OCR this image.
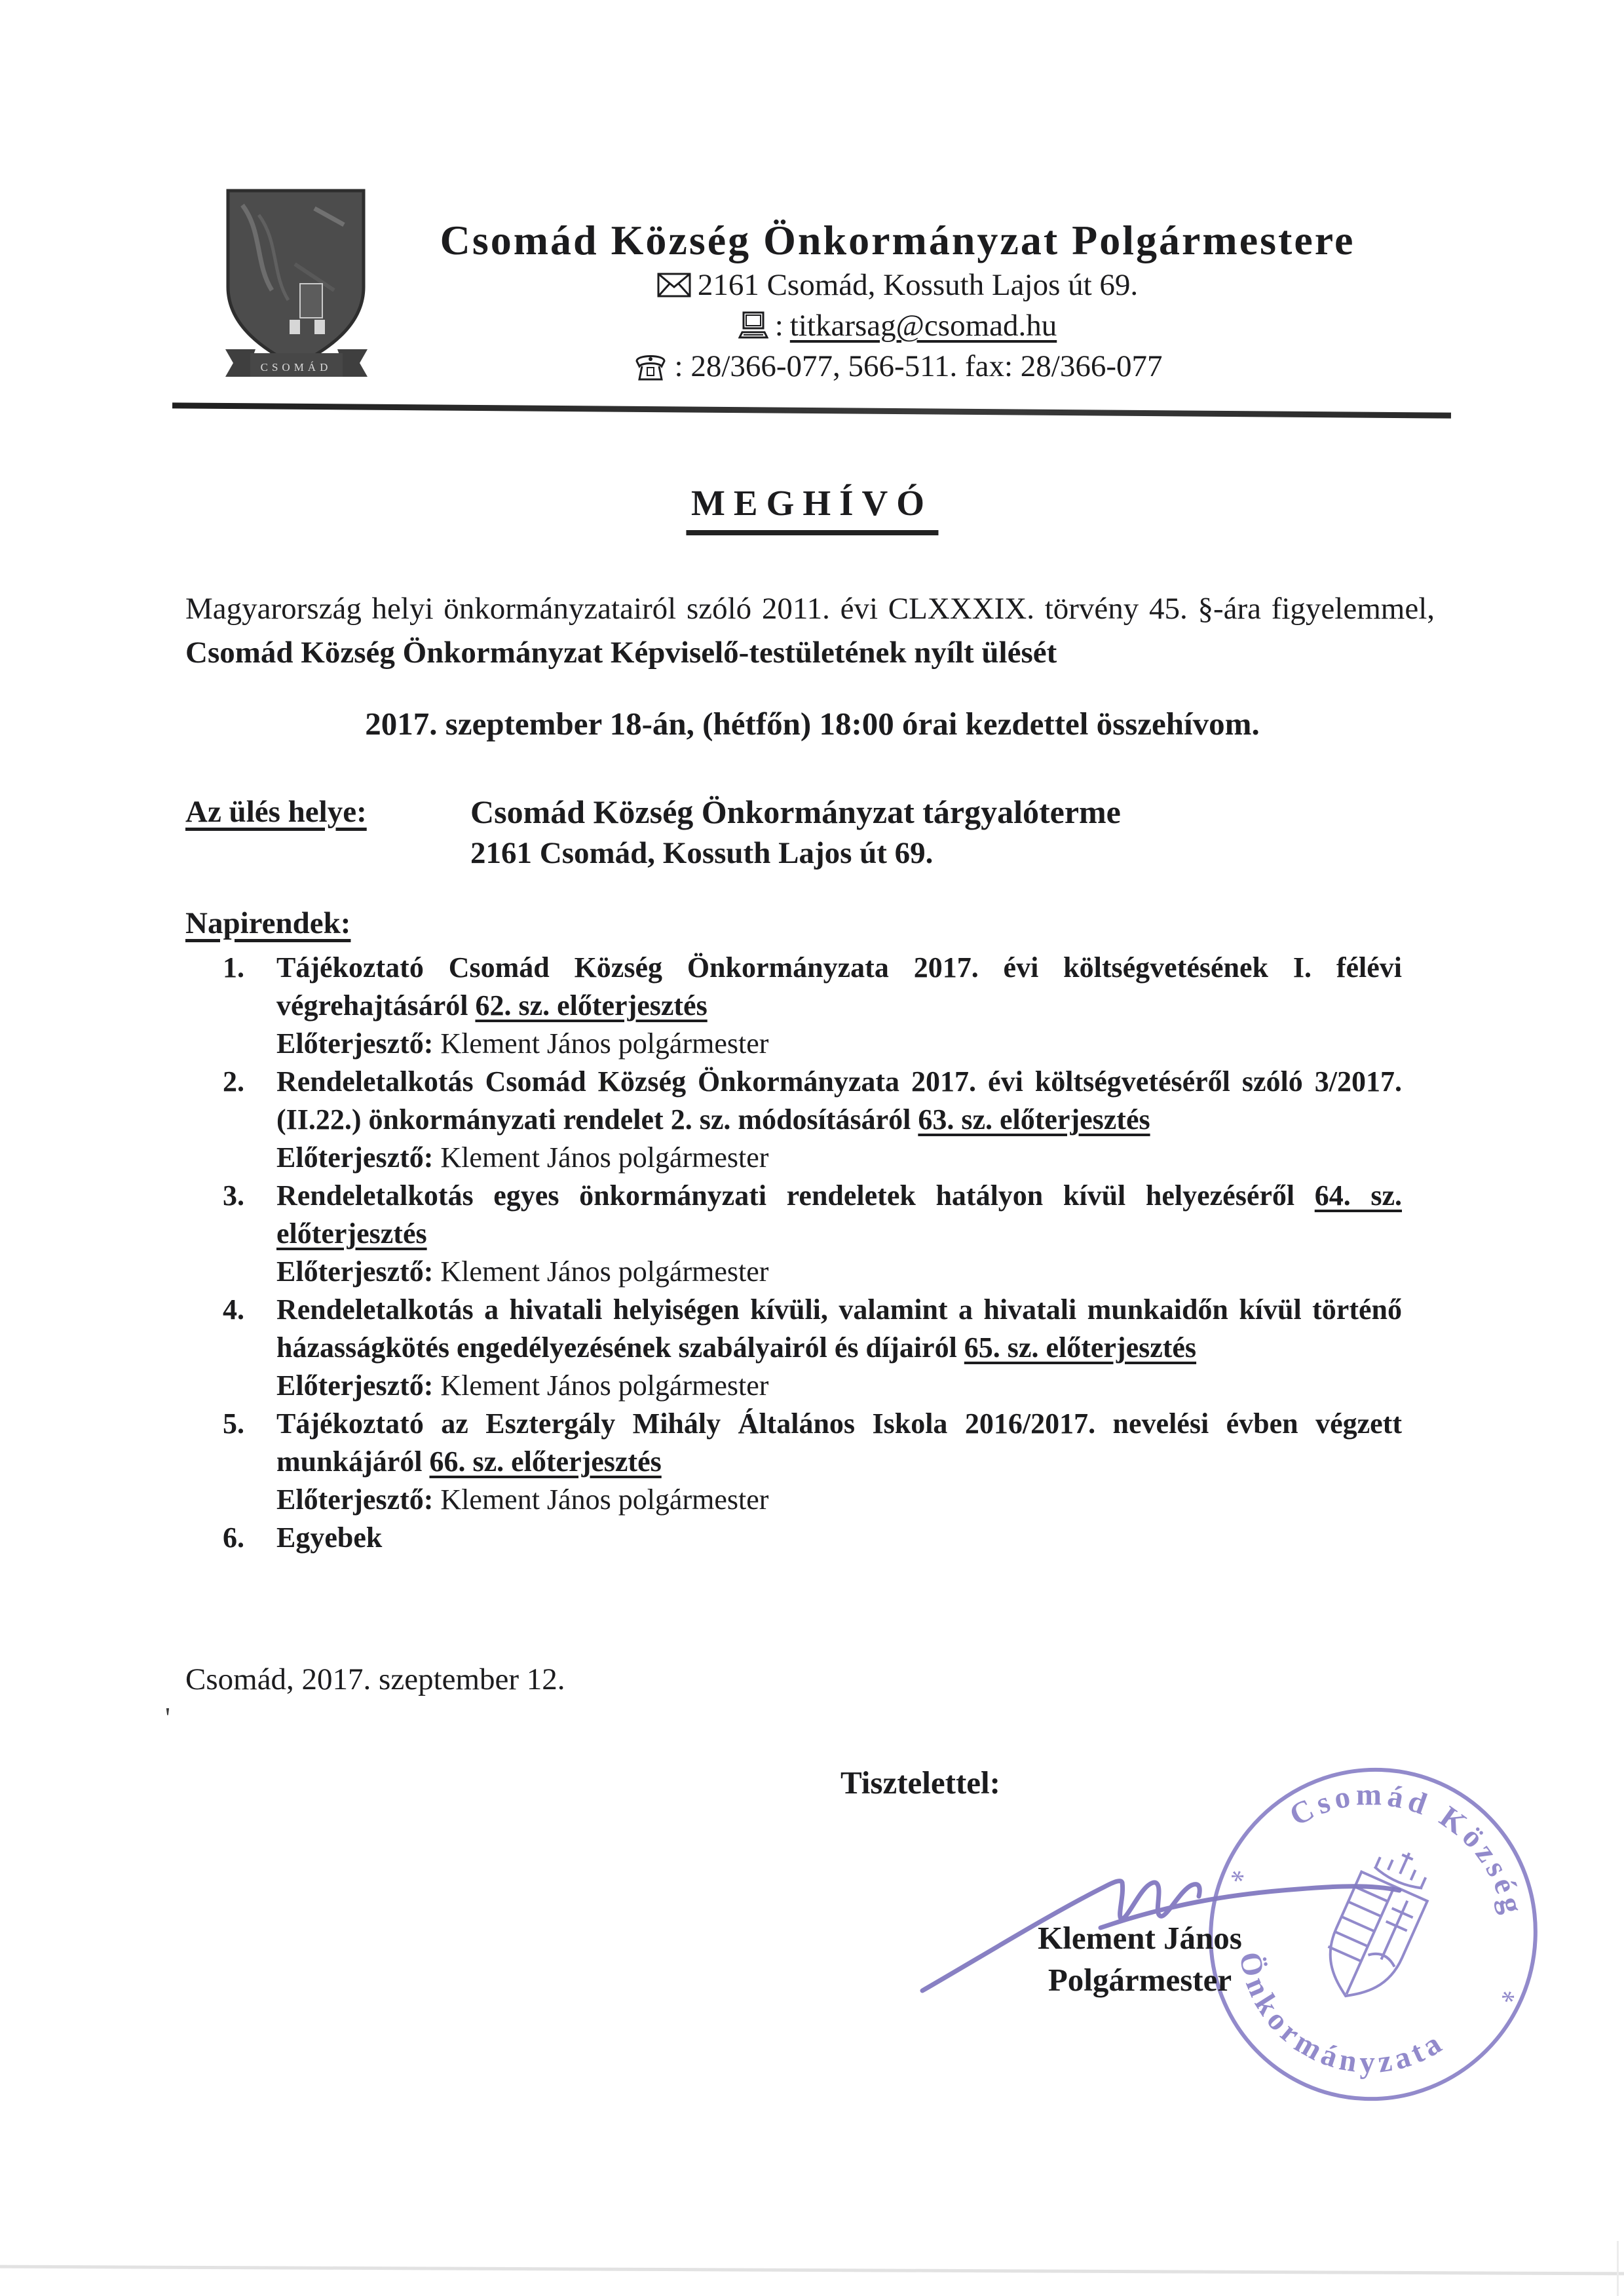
CSOMÁD
Csomád Község Önkormányzat Polgármestere
2161 Csomád, Kossuth Lajos út 69.
: titkarsag@csomad.hu
: 28/366-077, 566-511. fax: 28/366-077
MEGHÍVÓ
Magyarország helyi önkormányzatairól szóló 2011. évi CLXXXIX. törvény 45. §-ára figyelemmel, Csomád Község Önkormányzat Képviselő-testületének nyílt ülését
2017. szeptember 18-án, (hétfőn) 18:00 órai kezdettel összehívom.
Az ülés helye:	Csomád Község Önkormányzat tárgyalóterme
2161 Csomád, Kossuth Lajos út 69.
Napirendek:
1.	Tájékoztató Csomád Község Önkormányzata 2017. évi költségvetésének I. félévi végrehajtásáról 62. sz. előterjesztés
Előterjesztő: Klement János polgármester
2.	Rendeletalkotás Csomád Község Önkormányzata 2017. évi költségvetéséről szóló 3/2017.(II.22.) önkormányzati rendelet 2. sz. módosításáról 63. sz. előterjesztés
Előterjesztő: Klement János polgármester
3.	Rendeletalkotás egyes önkormányzati rendeletek hatályon kívül helyezéséről 64. sz. előterjesztés
Előterjesztő: Klement János polgármester
4.	Rendeletalkotás a hivatali helyiségen kívüli, valamint a hivatali munkaidőn kívül történő házasságkötés engedélyezésének szabályairól és díjairól 65. sz. előterjesztés
Előterjesztő: Klement János polgármester
5.	Tájékoztató az Esztergály Mihály Általános Iskola 2016/2017. nevelési évben végzett munkájáról 66. sz. előterjesztés
Előterjesztő: Klement János polgármester
6.	Egyebek
Csomád, 2017. szeptember 12.
'
Tisztelettel:
Csomád Község
Önkormányzata
*
*
Klement János
Polgármester
